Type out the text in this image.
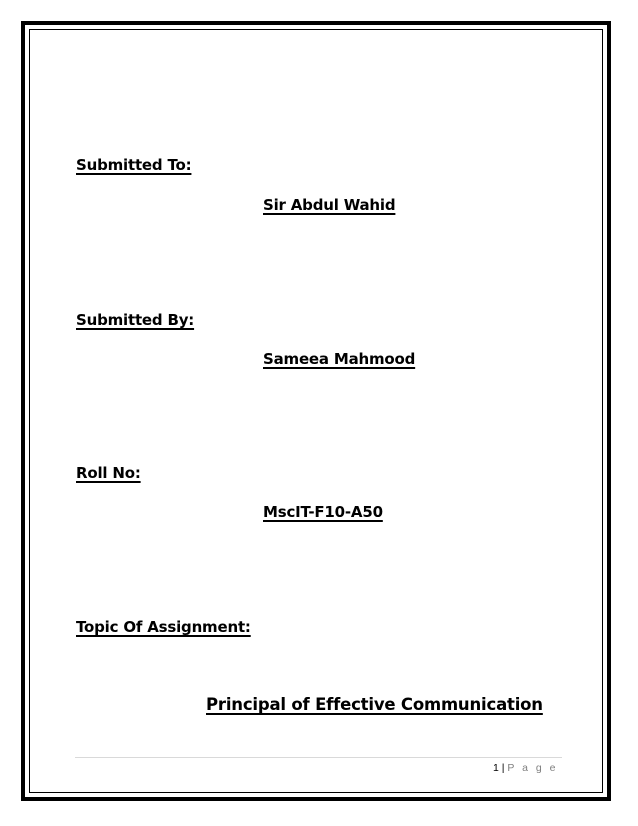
Submitted To:
Sir Abdul Wahid
Submitted By:
Sameea Mahmood
Roll No:
MscIT-F10-A50
Topic Of Assignment:
Principal of Effective Communication
1 | P a g e
